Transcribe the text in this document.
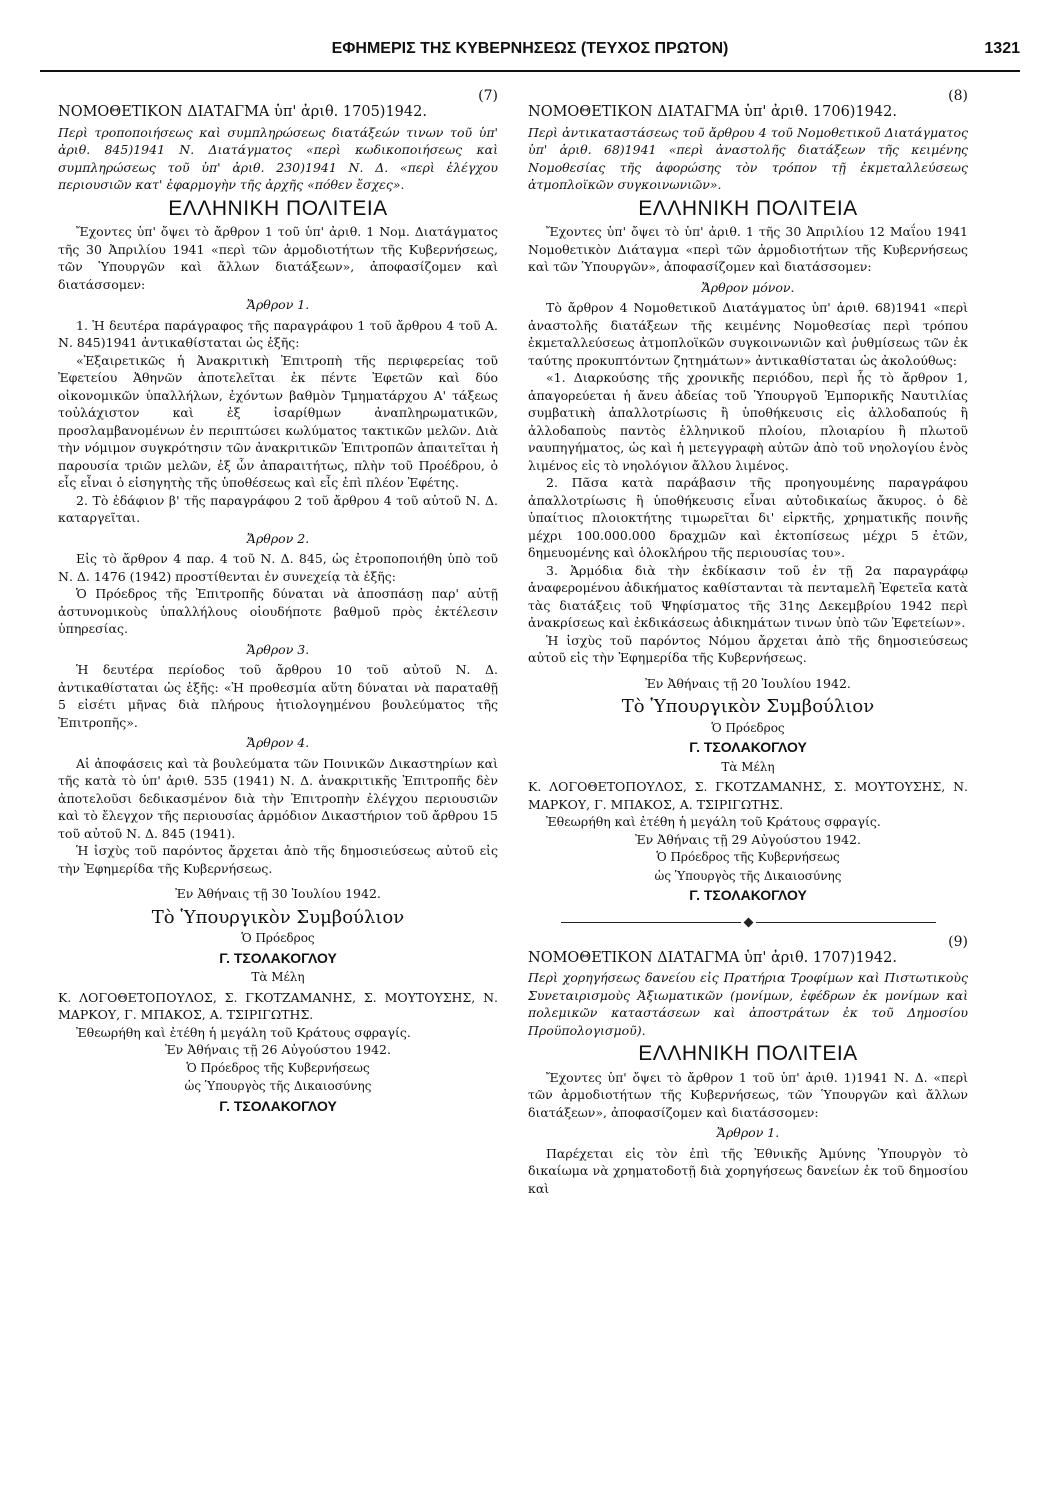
ΕΦΗΜΕΡΙΣ ΤΗΣ ΚΥΒΕΡΝΗΣΕΩΣ (ΤΕΥΧΟΣ ΠΡΩΤΟΝ)	1321
(7)
ΝΟΜΟΘΕΤΙΚΟΝ ΔΙΑΤΑΓΜΑ ὑπ' ἀριθ. 1705)1942.
Περὶ τροποποιήσεως καὶ συμπληρώσεως διατάξεών τινων τοῦ ὑπ' ἀριθ. 845)1941 Ν. Διατάγματος «περὶ κωδικοποιήσεως καὶ συμπληρώσεως τοῦ ὑπ' ἀριθ. 230)1941 Ν. Δ. «περὶ ἐλέγχου περιουσιῶν κατ' ἐφαρμογὴν τῆς ἀρχῆς «πόθεν ἔσχες».
ΕΛΛΗΝΙΚΗ ΠΟΛΙΤΕΙΑ

Ἔχοντες ὑπ' ὄψει τὸ ἄρθρον 1 τοῦ ὑπ' ἀριθ. 1 Νομ. Διατάγματος τῆς 30 Ἀπριλίου 1941 «περὶ τῶν ἁρμοδιοτήτων τῆς Κυβερνήσεως, τῶν Ὑπουργῶν καὶ ἄλλων διατάξεων», ἀποφασίζομεν καὶ διατάσσομεν:

Ἄρθρον 1.

1. Ἡ δευτέρα παράγραφος τῆς παραγράφου 1 τοῦ ἄρθρου 4 τοῦ Α. Ν. 845)1941 ἀντικαθίσταται ὡς ἑξῆς:

«Ἐξαιρετικῶς ἡ Ἀνακριτικὴ Ἐπιτροπὴ τῆς περιφερείας τοῦ Ἐφετείου Ἀθηνῶν ἀποτελεῖται ἐκ πέντε Ἐφετῶν καὶ δύο οἰκονομικῶν ὑπαλλήλων, ἐχόντων βαθμὸν Τμηματάρχου Α' τάξεως τοὐλάχιστον καὶ ἐξ ἰσαρίθμων ἀναπληρωματικῶν, προσλαμβανομένων ἐν περιπτώσει κωλύματος τακτικῶν μελῶν. Διὰ τὴν νόμιμον συγκρότησιν τῶν ἀνακριτικῶν Ἐπιτροπῶν ἀπαιτεῖται ἡ παρουσία τριῶν μελῶν, ἐξ ὧν ἀπαραιτήτως, πλὴν τοῦ Προέδρου, ὁ εἷς εἶναι ὁ εἰσηγητὴς τῆς ὑποθέσεως καὶ εἷς ἐπὶ πλέον Ἐφέτης.

2. Τὸ ἐδάφιον β' τῆς παραγράφου 2 τοῦ ἄρθρου 4 τοῦ αὐτοῦ Ν. Δ. καταργεῖται.

Ἄρθρον 2.

Εἰς τὸ ἄρθρον 4 παρ. 4 τοῦ Ν. Δ. 845, ὡς ἐτροποποιήθη ὑπὸ τοῦ Ν. Δ. 1476 (1942) προστίθενται ἐν συνεχείᾳ τὰ ἑξῆς:

Ὁ Πρόεδρος τῆς Ἐπιτροπῆς δύναται νὰ ἀποσπάσῃ παρ' αὐτῇ ἀστυνομικοὺς ὑπαλλήλους οἱουδήποτε βαθμοῦ πρὸς ἐκτέλεσιν ὑπηρεσίας.

Ἄρθρον 3.

Ἡ δευτέρα περίοδος τοῦ ἄρθρου 10 τοῦ αὐτοῦ Ν. Δ. ἀντικαθίσταται ὡς ἑξῆς: «Ἡ προθεσμία αὕτη δύναται νὰ παραταθῇ 5 εἰσέτι μῆνας διὰ πλήρους ἠτιολογημένου βουλεύματος τῆς Ἐπιτροπῆς».

Ἄρθρον 4.

Αἱ ἀποφάσεις καὶ τὰ βουλεύματα τῶν Ποινικῶν Δικαστηρίων καὶ τῆς κατὰ τὸ ὑπ' ἀριθ. 535 (1941) Ν. Δ. ἀνακριτικῆς Ἐπιτροπῆς δὲν ἀποτελοῦσι δεδικασμένον διὰ τὴν Ἐπιτροπὴν ἐλέγχου περιουσιῶν καὶ τὸ ἔλεγχον τῆς περιουσίας ἁρμόδιον Δικαστήριον τοῦ ἄρθρου 15 τοῦ αὐτοῦ Ν. Δ. 845 (1941).

Ἡ ἰσχὺς τοῦ παρόντος ἄρχεται ἀπὸ τῆς δημοσιεύσεως αὐτοῦ εἰς τὴν Ἐφημερίδα τῆς Κυβερνήσεως.

Ἐν Ἀθήναις τῇ 30 Ἰουλίου 1942.
Τὸ Ὑπουργικὸν Συμβούλιον
Ὁ Πρόεδρος
Γ. ΤΣΟΛΑΚΟΓΛΟΥ
Τὰ Μέλη

Κ. ΛΟΓΟΘΕΤΟΠΟΥΛΟΣ, Σ. ΓΚΟΤΖΑΜΑΝΗΣ, Σ. ΜΟΥΤΟΥΣΗΣ, Ν. ΜΑΡΚΟΥ, Γ. ΜΠΑΚΟΣ, Α. ΤΣΙΡΙΓΩΤΗΣ.

Ἐθεωρήθη καὶ ἐτέθη ἡ μεγάλη τοῦ Κράτους σφραγίς.

Ἐν Ἀθήναις τῇ 26 Αὐγούστου 1942.
Ὁ Πρόεδρος τῆς Κυβερνήσεως
ὡς Ὑπουργὸς τῆς Δικαιοσύνης
Γ. ΤΣΟΛΑΚΟΓΛΟΥ
(8)
ΝΟΜΟΘΕΤΙΚΟΝ ΔΙΑΤΑΓΜΑ ὑπ' ἀριθ. 1706)1942.
Περὶ ἀντικαταστάσεως τοῦ ἄρθρου 4 τοῦ Νομοθετικοῦ Διατάγματος ὑπ' ἀριθ. 68)1941 «περὶ ἀναστολῆς διατάξεων τῆς κειμένης Νομοθεσίας τῆς ἀφορώσης τὸν τρόπον τῇ ἐκμεταλλεύσεως ἀτμοπλοϊκῶν συγκοινωνιῶν».
ΕΛΛΗΝΙΚΗ ΠΟΛΙΤΕΙΑ

Ἔχοντες ὑπ' ὄψει τὸ ὑπ' ἀριθ. 1 τῆς 30 Ἀπριλίου 12 Μαΐου 1941 Νομοθετικὸν Διάταγμα «περὶ τῶν ἁρμοδιοτήτων τῆς Κυβερνήσεως καὶ τῶν Ὑπουργῶν», ἀποφασίζομεν καὶ διατάσσομεν:

Ἄρθρον μόνον.

Τὸ ἄρθρον 4 Νομοθετικοῦ Διατάγματος ὑπ' ἀριθ. 68)1941 «περὶ ἀναστολῆς διατάξεων τῆς κειμένης Νομοθεσίας περὶ τρόπου ἐκμεταλλεύσεως ἀτμοπλοϊκῶν συγκοινωνιῶν καὶ ῥυθμίσεως τῶν ἐκ ταύτης προκυπτόντων ζητημάτων» ἀντικαθίσταται ὡς ἀκολούθως:

«1. Διαρκούσης τῆς χρονικῆς περιόδου, περὶ ἧς τὸ ἄρθρον 1, ἀπαγορεύεται ἡ ἄνευ ἀδείας τοῦ Ὑπουργοῦ Ἐμπορικῆς Ναυτιλίας συμβατικὴ ἀπαλλοτρίωσις ἢ ὑποθήκευσις εἰς ἀλλοδαπούς ἢ ἀλλοδαποὺς παντὸς ἑλληνικοῦ πλοίου, πλοιαρίου ἢ πλωτοῦ ναυπηγήματος, ὡς καὶ ἡ μετεγγραφὴ αὐτῶν ἀπὸ τοῦ νηολογίου ἑνὸς λιμένος εἰς τὸ νηολόγιον ἄλλου λιμένος.

2. Πᾶσα κατὰ παράβασιν τῆς προηγουμένης παραγράφου ἀπαλλοτρίωσις ἢ ὑποθήκευσις εἶναι αὐτοδικαίως ἄκυρος. ὁ δὲ ὑπαίτιος πλοιοκτήτης τιμωρεῖται δι' εἰρκτῆς, χρηματικῆς ποινῆς μέχρι 100.000.000 δραχμῶν καὶ ἐκτοπίσεως μέχρι 5 ἐτῶν, δημευομένης καὶ ὁλοκλήρου τῆς περιουσίας του».

3. Ἁρμόδια διὰ τὴν ἐκδίκασιν τοῦ ἐν τῇ 2α παραγράφῳ ἀναφερομένου ἀδικήματος καθίστανται τὰ πενταμελῆ Ἐφετεῖα κατὰ τὰς διατάξεις τοῦ Ψηφίσματος τῆς 31ης Δεκεμβρίου 1942 περὶ ἀνακρίσεως καὶ ἐκδικάσεως ἀδικημάτων τινων ὑπὸ τῶν Ἐφετείων».

Ἡ ἰσχὺς τοῦ παρόντος Νόμου ἄρχεται ἀπὸ τῆς δημοσιεύσεως αὐτοῦ εἰς τὴν Ἐφημερίδα τῆς Κυβερνήσεως.

Ἐν Ἀθήναις τῇ 20 Ἰουλίου 1942.
Τὸ Ὑπουργικὸν Συμβούλιον
Ὁ Πρόεδρος
Γ. ΤΣΟΛΑΚΟΓΛΟΥ
Τὰ Μέλη

Κ. ΛΟΓΟΘΕΤΟΠΟΥΛΟΣ, Σ. ΓΚΟΤΖΑΜΑΝΗΣ, Σ. ΜΟΥΤΟΥΣΗΣ, Ν. ΜΑΡΚΟΥ, Γ. ΜΠΑΚΟΣ, Α. ΤΣΙΡΙΓΩΤΗΣ.

Ἐθεωρήθη καὶ ἐτέθη ἡ μεγάλη τοῦ Κράτους σφραγίς.

Ἐν Ἀθήναις τῇ 29 Αὐγούστου 1942.
Ὁ Πρόεδρος τῆς Κυβερνήσεως
ὡς Ὑπουργὸς τῆς Δικαιοσύνης
Γ. ΤΣΟΛΑΚΟΓΛΟΥ
(9)
ΝΟΜΟΘΕΤΙΚΟΝ ΔΙΑΤΑΓΜΑ ὑπ' ἀριθ. 1707)1942.
Περὶ χορηγήσεως δανείου εἰς Πρατήρια Τροφίμων καὶ Πιστωτικοὺς Συνεταιρισμοὺς Ἀξιωματικῶν (μονίμων, ἐφέδρων ἐκ μονίμων καὶ πολεμικῶν καταστάσεων καὶ ἀποστράτων ἐκ τοῦ Δημοσίου Προϋπολογισμοῦ).
ΕΛΛΗΝΙΚΗ ΠΟΛΙΤΕΙΑ

Ἔχοντες ὑπ' ὄψει τὸ ἄρθρον 1 τοῦ ὑπ' ἀριθ. 1)1941 Ν. Δ. «περὶ τῶν ἁρμοδιοτήτων τῆς Κυβερνήσεως, τῶν Ὑπουργῶν καὶ ἄλλων διατάξεων», ἀποφασίζομεν καὶ διατάσσομεν:

Ἄρθρον 1.

Παρέχεται εἰς τὸν ἐπὶ τῆς Ἐθνικῆς Ἀμύνης Ὑπουργὸν τὸ δικαίωμα νὰ χρηματοδοτῇ διὰ χορηγήσεως δανείων ἐκ τοῦ δημοσίου καὶ
